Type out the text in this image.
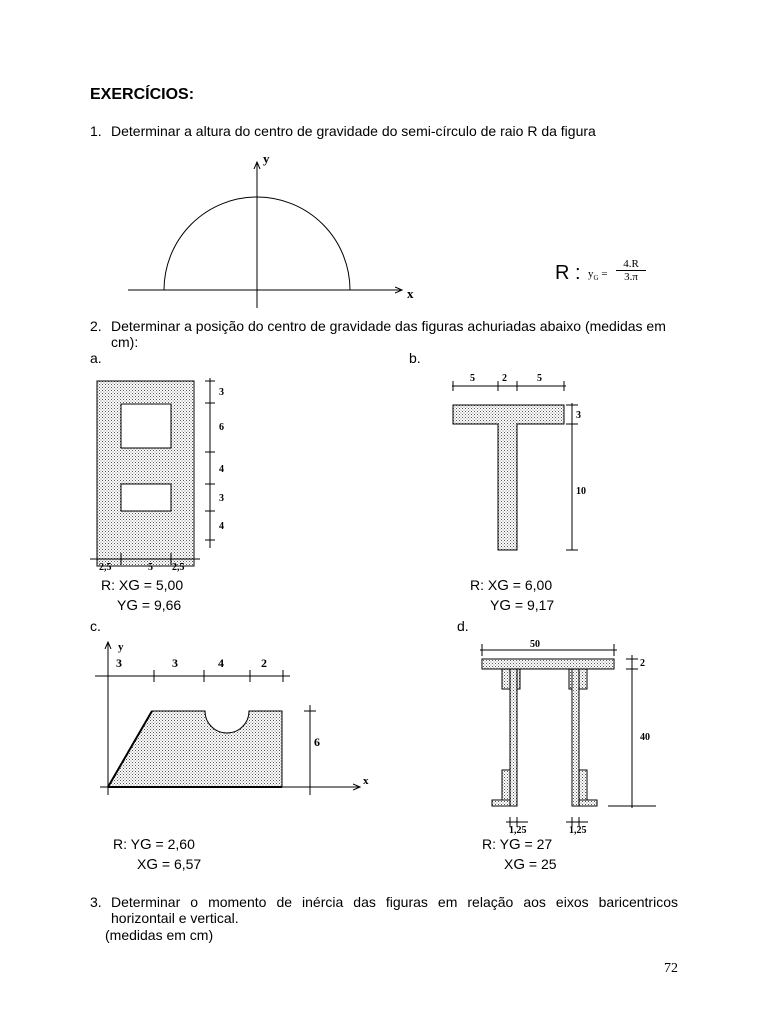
EXERCÍCIOS:
1. Determinar a altura do centro de gravidade do semi-círculo de raio R da figura
x
y
3
6
4
3
4
2,5	5 2,5
5	2	5
3
10
y
x
3	3	4	2
6
50
2
40
1,25	1,25
R : $y_G = \frac{4.R}{3.\pi}$
2. Determinar a posição do centro de gravidade das figuras achuriadas abaixo (medidas em
cm):
a.	b.
R: XG = 5,00
YG = 9,66
R: XG = 6,00
YG = 9,17
c.	d.
R: YG = 2,60
XG = 6,57
R: YG = 27
XG = 25
3. Determinar o momento de inércia das figuras em relação aos eixos baricentricos
horizontail e vertical.
(medidas em cm)
72
